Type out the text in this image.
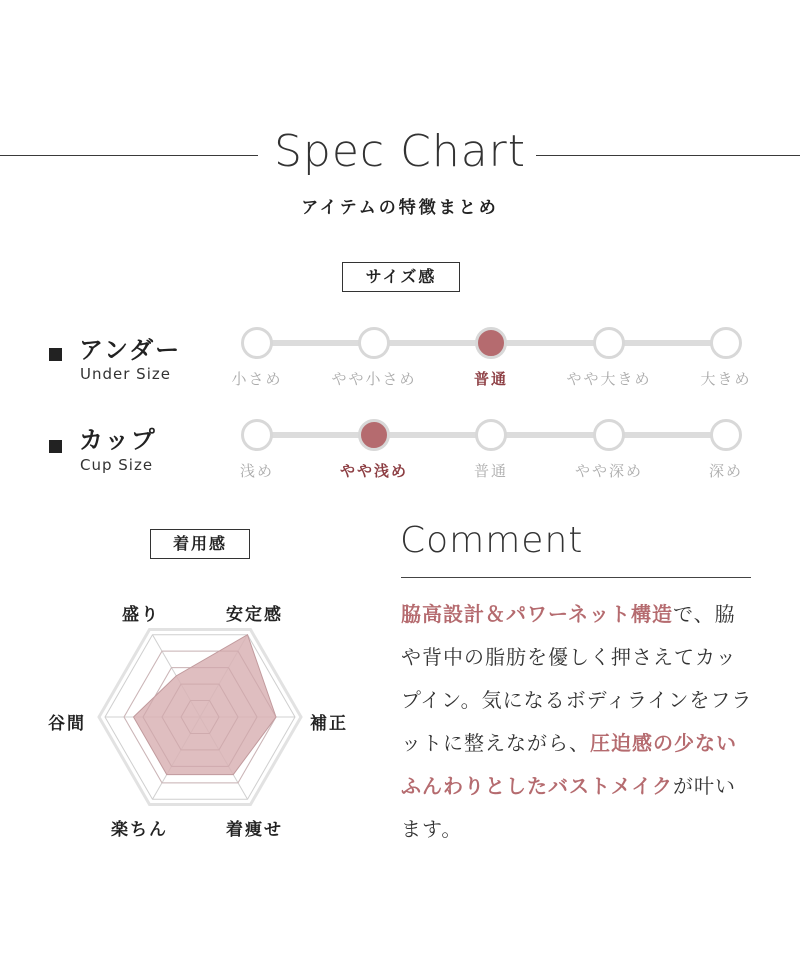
Spec Chart
アイテムの特徴まとめ
サイズ感
アンダー
Under Size	小さめ	やや小さめ	普通	やや大きめ	大きめ
カップ
Cup Size	浅め	やや浅め	普通	やや深め	深め
着用感
安定感
補正
着痩せ
楽ちん
谷間
盛り
Comment
脇高設計＆パワーネット構造で、脇や背中の脂肪を優しく押さえてカップイン。気になるボディラインをフラットに整えながら、圧迫感の少ないふんわりとしたバストメイクが叶います。
